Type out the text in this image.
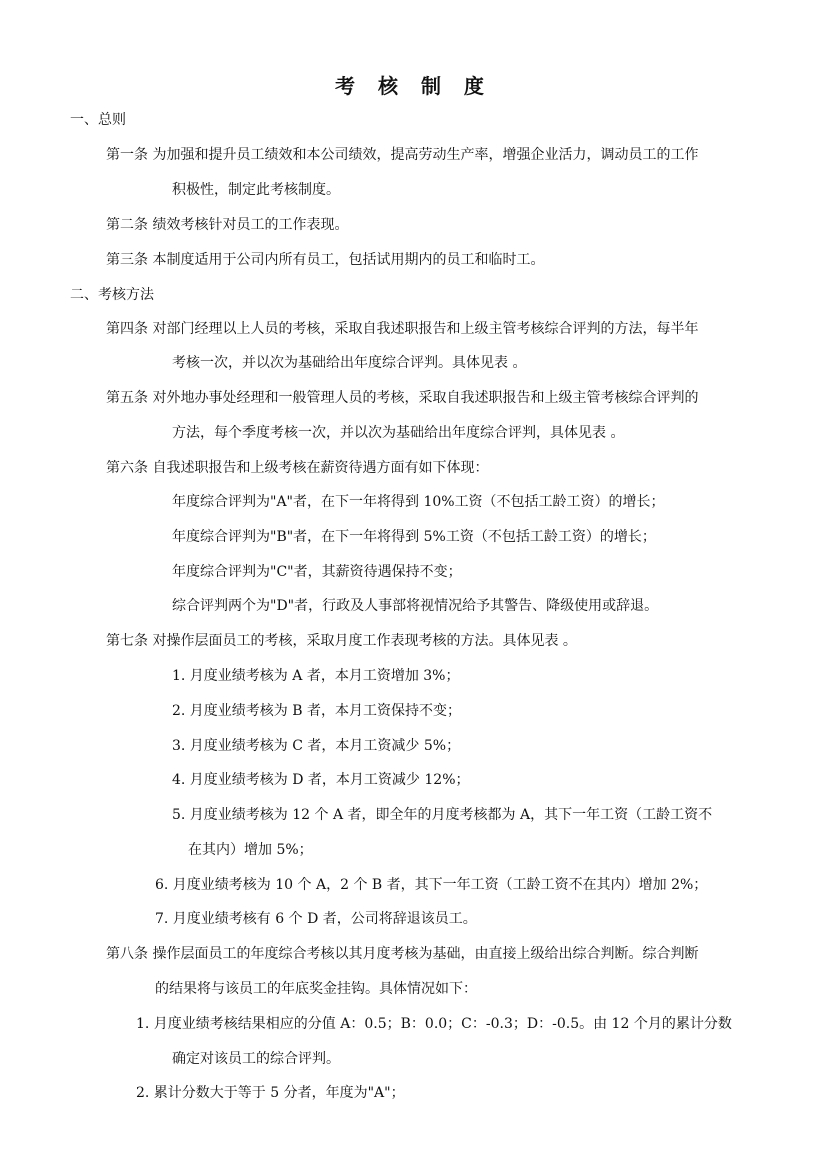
考 核 制 度
一、总则
第一条 为加强和提升员工绩效和本公司绩效，提高劳动生产率，增强企业活力，调动员工的工作
积极性，制定此考核制度。
第二条 绩效考核针对员工的工作表现。
第三条 本制度适用于公司内所有员工，包括试用期内的员工和临时工。
二、考核方法
第四条 对部门经理以上人员的考核，采取自我述职报告和上级主管考核综合评判的方法，每半年
考核一次，并以次为基础给出年度综合评判。具体见表 。
第五条 对外地办事处经理和一般管理人员的考核，采取自我述职报告和上级主管考核综合评判的
方法，每个季度考核一次，并以次为基础给出年度综合评判，具体见表 。
第六条 自我述职报告和上级考核在薪资待遇方面有如下体现：
年度综合评判为"A"者，在下一年将得到 10%工资（不包括工龄工资）的增长；
年度综合评判为"B"者，在下一年将得到 5%工资（不包括工龄工资）的增长；
年度综合评判为"C"者，其薪资待遇保持不变；
综合评判两个为"D"者，行政及人事部将视情况给予其警告、降级使用或辞退。
第七条 对操作层面员工的考核，采取月度工作表现考核的方法。具体见表 。
1. 月度业绩考核为 A 者，本月工资增加 3%；
2. 月度业绩考核为 B 者，本月工资保持不变；
3. 月度业绩考核为 C 者，本月工资减少 5%；
4. 月度业绩考核为 D 者，本月工资减少 12%；
5. 月度业绩考核为 12 个 A 者，即全年的月度考核都为 A，其下一年工资（工龄工资不
在其内）增加 5%；
6. 月度业绩考核为 10 个 A，2 个 B 者，其下一年工资（工龄工资不在其内）增加 2%；
7. 月度业绩考核有 6 个 D 者，公司将辞退该员工。
第八条 操作层面员工的年度综合考核以其月度考核为基础，由直接上级给出综合判断。综合判断
的结果将与该员工的年底奖金挂钩。具体情况如下：
1. 月度业绩考核结果相应的分值 A：0.5；B：0.0；C：-0.3；D：-0.5。由 12 个月的累计分数
确定对该员工的综合评判。
2. 累计分数大于等于 5 分者，年度为"A"；
